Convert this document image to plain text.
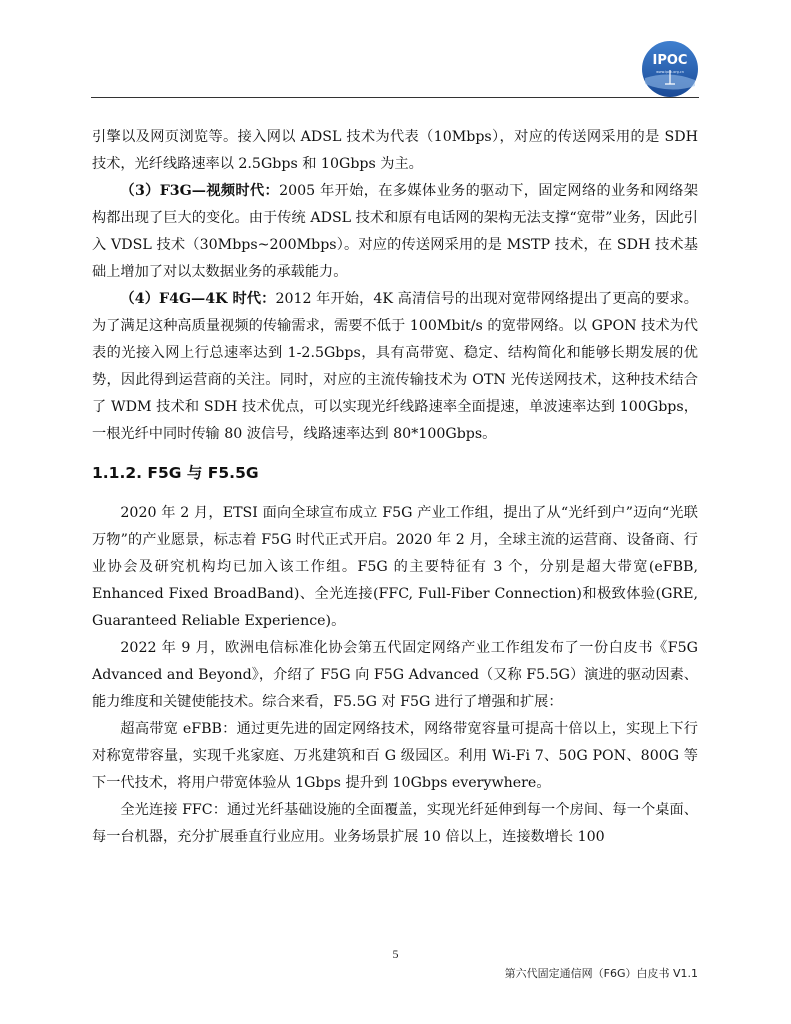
IPOC
www.ipoc.org.cn

引擎以及网页浏览等。接入网以 ADSL 技术为代表（10Mbps），对应的传送网采用的是 SDH 技术，光纤线路速率以 2.5Gbps 和 10Gbps 为主。

（3）F3G—视频时代：2005 年开始，在多媒体业务的驱动下，固定网络的业务和网络架构都出现了巨大的变化。由于传统 ADSL 技术和原有电话网的架构无法支撑“宽带”业务，因此引入 VDSL 技术（30Mbps~200Mbps）。对应的传送网采用的是 MSTP 技术，在 SDH 技术基础上增加了对以太数据业务的承载能力。

（4）F4G—4K 时代：2012 年开始，4K 高清信号的出现对宽带网络提出了更高的要求。为了满足这种高质量视频的传输需求，需要不低于 100Mbit/s 的宽带网络。以 GPON 技术为代表的光接入网上行总速率达到 1-2.5Gbps，具有高带宽、稳定、结构简化和能够长期发展的优势，因此得到运营商的关注。同时，对应的主流传输技术为 OTN 光传送网技术，这种技术结合了 WDM 技术和 SDH 技术优点，可以实现光纤线路速率全面提速，单波速率达到 100Gbps，一根光纤中同时传输 80 波信号，线路速率达到 80*100Gbps。

1.1.2. F5G 与 F5.5G

2020 年 2 月，ETSI 面向全球宣布成立 F5G 产业工作组，提出了从“光纤到户”迈向“光联万物”的产业愿景，标志着 F5G 时代正式开启。2020 年 2 月，全球主流的运营商、设备商、行业协会及研究机构均已加入该工作组。F5G 的主要特征有 3 个，分别是超大带宽(eFBB, Enhanced Fixed BroadBand)、全光连接(FFC, Full-Fiber Connection)和极致体验(GRE, Guaranteed Reliable Experience)。

2022 年 9 月，欧洲电信标准化协会第五代固定网络产业工作组发布了一份白皮书《F5G Advanced and Beyond》，介绍了 F5G 向 F5G Advanced（又称 F5.5G）演进的驱动因素、能力维度和关键使能技术。综合来看，F5.5G 对 F5G 进行了增强和扩展：

超高带宽 eFBB：通过更先进的固定网络技术，网络带宽容量可提高十倍以上，实现上下行对称宽带容量，实现千兆家庭、万兆建筑和百 G 级园区。利用 Wi-Fi 7、50G PON、800G 等下一代技术，将用户带宽体验从 1Gbps 提升到 10Gbps everywhere。

全光连接 FFC：通过光纤基础设施的全面覆盖，实现光纤延伸到每一个房间、每一个桌面、每一台机器，充分扩展垂直行业应用。业务场景扩展 10 倍以上，连接数增长 100

5
第六代固定通信网（F6G）白皮书 V1.1
